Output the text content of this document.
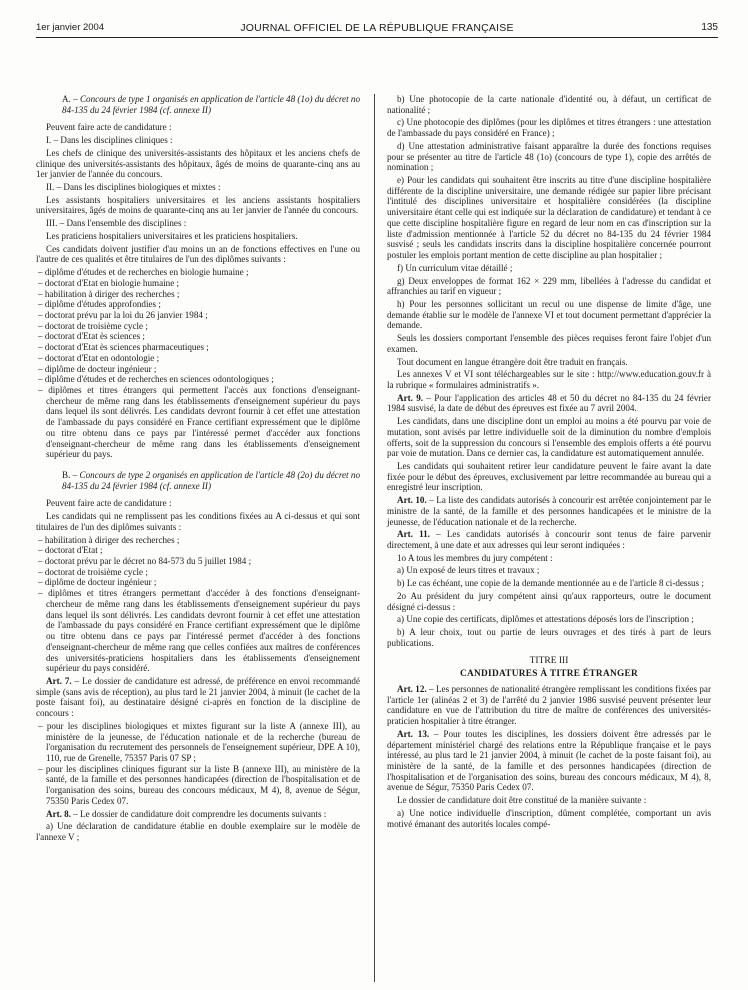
1er janvier 2004	JOURNAL OFFICIEL DE LA RÉPUBLIQUE FRANÇAISE	135

A. – Concours de type 1 organisés en application de l'article 48 (1o) du décret no 84-135 du 24 février 1984 (cf. annexe II)

Peuvent faire acte de candidature :

I. – Dans les disciplines cliniques :

Les chefs de clinique des universités-assistants des hôpitaux et les anciens chefs de clinique des universités-assistants des hôpitaux, âgés de moins de quarante-cinq ans au 1er janvier de l'année du concours.

II. – Dans les disciplines biologiques et mixtes :

Les assistants hospitaliers universitaires et les anciens assistants hospitaliers universitaires, âgés de moins de quarante-cinq ans au 1er janvier de l'année du concours.

III. – Dans l'ensemble des disciplines :

Les praticiens hospitaliers universitaires et les praticiens hospitaliers.

Ces candidats doivent justifier d'au moins un an de fonctions effectives en l'une ou l'autre de ces qualités et être titulaires de l'un des diplômes suivants :

– diplôme d'études et de recherches en biologie humaine ;
– doctorat d'Etat en biologie humaine ;
– habilitation à diriger des recherches ;
– diplôme d'études approfondies ;
– doctorat prévu par la loi du 26 janvier 1984 ;
– doctorat de troisième cycle ;
– doctorat d'Etat ès sciences ;
– doctorat d'Etat ès sciences pharmaceutiques ;
– doctorat d'Etat en odontologie ;
– diplôme de docteur ingénieur ;
– diplôme d'études et de recherches en sciences odontologiques ;
– diplômes et titres étrangers qui permettent l'accès aux fonctions d'enseignant-chercheur de même rang dans les établissements d'enseignement supérieur du pays dans lequel ils sont délivrés. Les candidats devront fournir à cet effet une attestation de l'ambassade du pays considéré en France certifiant expressément que le diplôme ou titre obtenu dans ce pays par l'intéressé permet d'accéder aux fonctions d'enseignant-chercheur de même rang dans les établissements d'enseignement supérieur du pays.

B. – Concours de type 2 organisés en application de l'article 48 (2o) du décret no 84-135 du 24 février 1984 (cf. annexe II)

Peuvent faire acte de candidature :

Les candidats qui ne remplissent pas les conditions fixées au A ci-dessus et qui sont titulaires de l'un des diplômes suivants :

– habilitation à diriger des recherches ;
– doctorat d'Etat ;
– doctorat prévu par le décret no 84-573 du 5 juillet 1984 ;
– doctorat de troisième cycle ;
– diplôme de docteur ingénieur ;
– diplômes et titres étrangers permettant d'accéder à des fonctions d'enseignant-chercheur de même rang dans les établissements d'enseignement supérieur du pays dans lequel ils sont délivrés. Les candidats devront fournir à cet effet une attestation de l'ambassade du pays considéré en France certifiant expressément que le diplôme ou titre obtenu dans ce pays par l'intéressé permet d'accéder à des fonctions d'enseignant-chercheur de même rang que celles confiées aux maîtres de conférences des universités-praticiens hospitaliers dans les établissements d'enseignement supérieur du pays considéré.

Art. 7. – Le dossier de candidature est adressé, de préférence en envoi recommandé simple (sans avis de réception), au plus tard le 21 janvier 2004, à minuit (le cachet de la poste faisant foi), au destinataire désigné ci-après en fonction de la discipline de concours :

– pour les disciplines biologiques et mixtes figurant sur la liste A (annexe III), au ministère de la jeunesse, de l'éducation nationale et de la recherche (bureau de l'organisation du recrutement des personnels de l'enseignement supérieur, DPE A 10), 110, rue de Grenelle, 75357 Paris 07 SP ;
– pour les disciplines cliniques figurant sur la liste B (annexe III), au ministère de la santé, de la famille et des personnes handicapées (direction de l'hospitalisation et de l'organisation des soins, bureau des concours médicaux, M 4), 8, avenue de Ségur, 75350 Paris Cedex 07.

Art. 8. – Le dossier de candidature doit comprendre les documents suivants :

a) Une déclaration de candidature établie en double exemplaire sur le modèle de l'annexe V ;

b) Une photocopie de la carte nationale d'identité ou, à défaut, un certificat de nationalité ;

c) Une photocopie des diplômes (pour les diplômes et titres étrangers : une attestation de l'ambassade du pays considéré en France) ;

d) Une attestation administrative faisant apparaître la durée des fonctions requises pour se présenter au titre de l'article 48 (1o) (concours de type 1), copie des arrêtés de nomination ;

e) Pour les candidats qui souhaitent être inscrits au titre d'une discipline hospitalière différente de la discipline universitaire, une demande rédigée sur papier libre précisant l'intitulé des disciplines universitaire et hospitalière considérées (la discipline universitaire étant celle qui est indiquée sur la déclaration de candidature) et tendant à ce que cette discipline hospitalière figure en regard de leur nom en cas d'inscription sur la liste d'admission mentionnée à l'article 52 du décret no 84-135 du 24 février 1984 susvisé ; seuls les candidats inscrits dans la discipline hospitalière concernée pourront postuler les emplois portant mention de cette discipline au plan hospitalier ;

f) Un curriculum vitae détaillé ;

g) Deux enveloppes de format 162 × 229 mm, libellées à l'adresse du candidat et affranchies au tarif en vigueur ;

h) Pour les personnes sollicitant un recul ou une dispense de limite d'âge, une demande établie sur le modèle de l'annexe VI et tout document permettant d'apprécier la demande.

Seuls les dossiers comportant l'ensemble des pièces requises feront faire l'objet d'un examen.

Tout document en langue étrangère doit être traduit en français.

Les annexes V et VI sont téléchargeables sur le site : http://www.education.gouv.fr à la rubrique « formulaires administratifs ».

Art. 9. – Pour l'application des articles 48 et 50 du décret no 84-135 du 24 février 1984 susvisé, la date de début des épreuves est fixée au 7 avril 2004.

Les candidats, dans une discipline dont un emploi au moins a été pourvu par voie de mutation, sont avisés par lettre individuelle soit de la diminution du nombre d'emplois offerts, soit de la suppression du concours si l'ensemble des emplois offerts a été pourvu par voie de mutation. Dans ce dernier cas, la candidature est automatiquement annulée.

Les candidats qui souhaitent retirer leur candidature peuvent le faire avant la date fixée pour le début des épreuves, exclusivement par lettre recommandée au bureau qui a enregistré leur inscription.

Art. 10. – La liste des candidats autorisés à concourir est arrêtée conjointement par le ministre de la santé, de la famille et des personnes handicapées et le ministre de la jeunesse, de l'éducation nationale et de la recherche.

Art. 11. – Les candidats autorisés à concourir sont tenus de faire parvenir directement, à une date et aux adresses qui leur seront indiquées :

1o A tous les membres du jury compétent :

a) Un exposé de leurs titres et travaux ;

b) Le cas échéant, une copie de la demande mentionnée au e de l'article 8 ci-dessus ;

2o Au président du jury compétent ainsi qu'aux rapporteurs, outre le document désigné ci-dessus :

a) Une copie des certificats, diplômes et attestations déposés lors de l'inscription ;

b) A leur choix, tout ou partie de leurs ouvrages et des tirés à part de leurs publications.

TITRE III
CANDIDATURES À TITRE ÉTRANGER

Art. 12. – Les personnes de nationalité étrangère remplissant les conditions fixées par l'article 1er (alinéas 2 et 3) de l'arrêté du 2 janvier 1986 susvisé peuvent présenter leur candidature en vue de l'attribution du titre de maître de conférences des universités-praticien hospitalier à titre étranger.

Art. 13. – Pour toutes les disciplines, les dossiers doivent être adressés par le département ministériel chargé des relations entre la République française et le pays intéressé, au plus tard le 21 janvier 2004, à minuit (le cachet de la poste faisant foi), au ministère de la santé, de la famille et des personnes handicapées (direction de l'hospitalisation et de l'organisation des soins, bureau des concours médicaux, M 4), 8, avenue de Ségur, 75350 Paris Cedex 07.

Le dossier de candidature doit être constitué de la manière suivante :

a) Une notice individuelle d'inscription, dûment complétée, comportant un avis motivé émanant des autorités locales compé-
